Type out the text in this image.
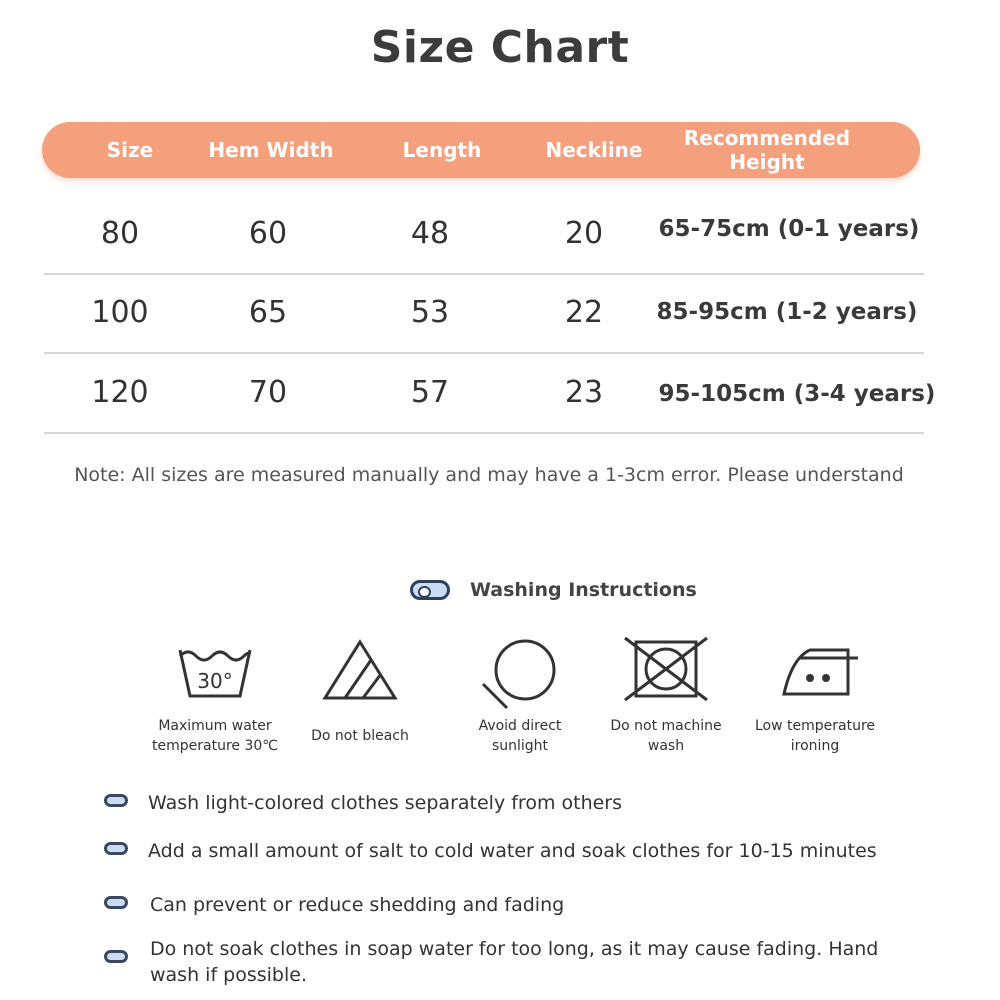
Size Chart
Size	Hem Width	Length	Neckline	Recommended
Height
80	60	48	20	65-75cm (0-1 years)
100	65	53	22	85-95cm (1-2 years)
120	70	57	23	95-105cm (3-4 years)
Note: All sizes are measured manually and may have a 1-3cm error. Please understand
Washing Instructions
30°
Maximum water
temperature 30℃
Do not bleach
Avoid direct
sunlight
Do not machine
wash
Low temperature
ironing
Wash light-colored clothes separately from others
Add a small amount of salt to cold water and soak clothes for 10-15 minutes
Can prevent or reduce shedding and fading
Do not soak clothes in soap water for too long, as it may cause fading. Hand wash if possible.
